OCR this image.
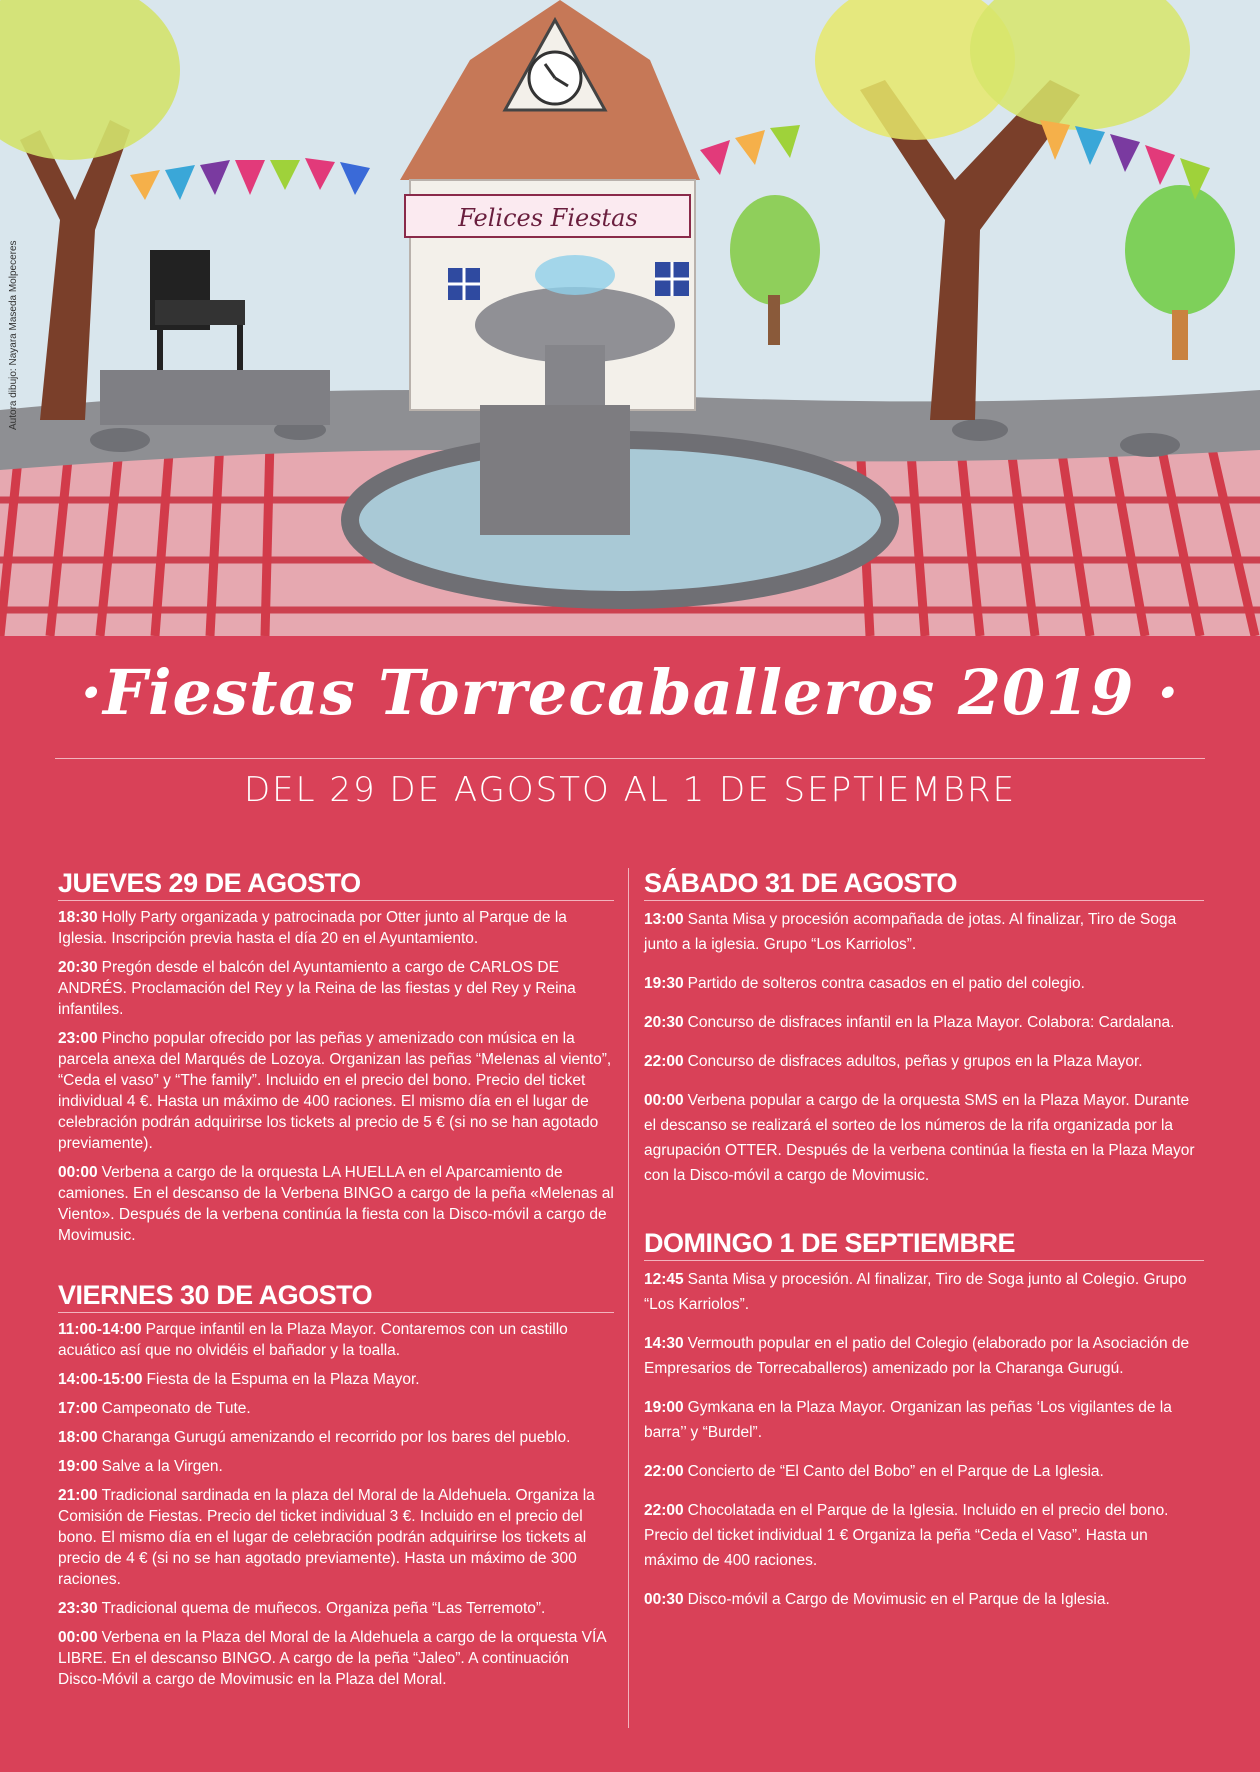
Felices Fiestas
Autora dibujo: Nayara Maseda Molpeceres
·Fiestas Torrecaballeros 2019 ·
DEL 29 DE AGOSTO AL 1 DE SEPTIEMBRE
JUEVES 29 DE AGOSTO
18:30 Holly Party organizada y patrocinada por Otter junto al Parque de la Iglesia. Inscripción previa hasta el día 20 en el Ayuntamiento.
20:30 Pregón desde el balcón del Ayuntamiento a cargo de CARLOS DE ANDRÉS. Proclamación del Rey y la Reina de las fiestas y del Rey y Reina infantiles.
23:00 Pincho popular ofrecido por las peñas y amenizado con música en la parcela anexa del Marqués de Lozoya. Organizan las peñas “Melenas al viento”, “Ceda el vaso” y “The family”. Incluido en el precio del bono. Precio del ticket individual 4 €. Hasta un máximo de 400 raciones. El mismo día en el lugar de celebración podrán adquirirse los tickets al precio de 5 € (si no se han agotado previamente).
00:00 Verbena a cargo de la orquesta LA HUELLA en el Aparcamiento de camiones. En el descanso de la Verbena BINGO a cargo de la peña «Melenas al Viento». Después de la verbena continúa la fiesta con la Disco-móvil a cargo de Movimusic.
VIERNES 30 DE AGOSTO
11:00-14:00 Parque infantil en la Plaza Mayor. Contaremos con un castillo acuático así que no olvidéis el bañador y la toalla.
14:00-15:00 Fiesta de la Espuma en la Plaza Mayor.
17:00 Campeonato de Tute.
18:00 Charanga Gurugú amenizando el recorrido por los bares del pueblo.
19:00 Salve a la Virgen.
21:00 Tradicional sardinada en la plaza del Moral de la Aldehuela. Organiza la Comisión de Fiestas. Precio del ticket individual 3 €. Incluido en el precio del bono. El mismo día en el lugar de celebración podrán adquirirse los tickets al precio de 4 € (si no se han agotado previamente). Hasta un máximo de 300 raciones.
23:30 Tradicional quema de muñecos. Organiza peña “Las Terremoto”.
00:00 Verbena en la Plaza del Moral de la Aldehuela a cargo de la orquesta VÍA LIBRE. En el descanso BINGO. A cargo de la peña “Jaleo”. A continuación Disco-Móvil a cargo de Movimusic en la Plaza del Moral.
SÁBADO 31 DE AGOSTO
13:00 Santa Misa y procesión acompañada de jotas. Al finalizar, Tiro de Soga junto a la iglesia. Grupo “Los Karriolos”.
19:30 Partido de solteros contra casados en el patio del colegio.
20:30 Concurso de disfraces infantil en la Plaza Mayor. Colabora: Cardalana.
22:00 Concurso de disfraces adultos, peñas y grupos en la Plaza Mayor.
00:00 Verbena popular a cargo de la orquesta SMS en la Plaza Mayor. Durante el descanso se realizará el sorteo de los números de la rifa organizada por la agrupación OTTER. Después de la verbena continúa la fiesta en la Plaza Mayor con la Disco-móvil a cargo de Movimusic.
DOMINGO 1 DE SEPTIEMBRE
12:45 Santa Misa y procesión. Al finalizar, Tiro de Soga junto al Colegio. Grupo “Los Karriolos”.
14:30 Vermouth popular en el patio del Colegio (elaborado por la Asociación de Empresarios de Torrecaballeros) amenizado por la Charanga Gurugú.
19:00 Gymkana en la Plaza Mayor. Organizan las peñas ‘Los vigilantes de la barra’’ y “Burdel”.
22:00 Concierto de “El Canto del Bobo” en el Parque de La Iglesia.
22:00 Chocolatada en el Parque de la Iglesia. Incluido en el precio del bono. Precio del ticket individual 1 € Organiza la peña “Ceda el Vaso”. Hasta un máximo de 400 raciones.
00:30 Disco-móvil a Cargo de Movimusic en el Parque de la Iglesia.
